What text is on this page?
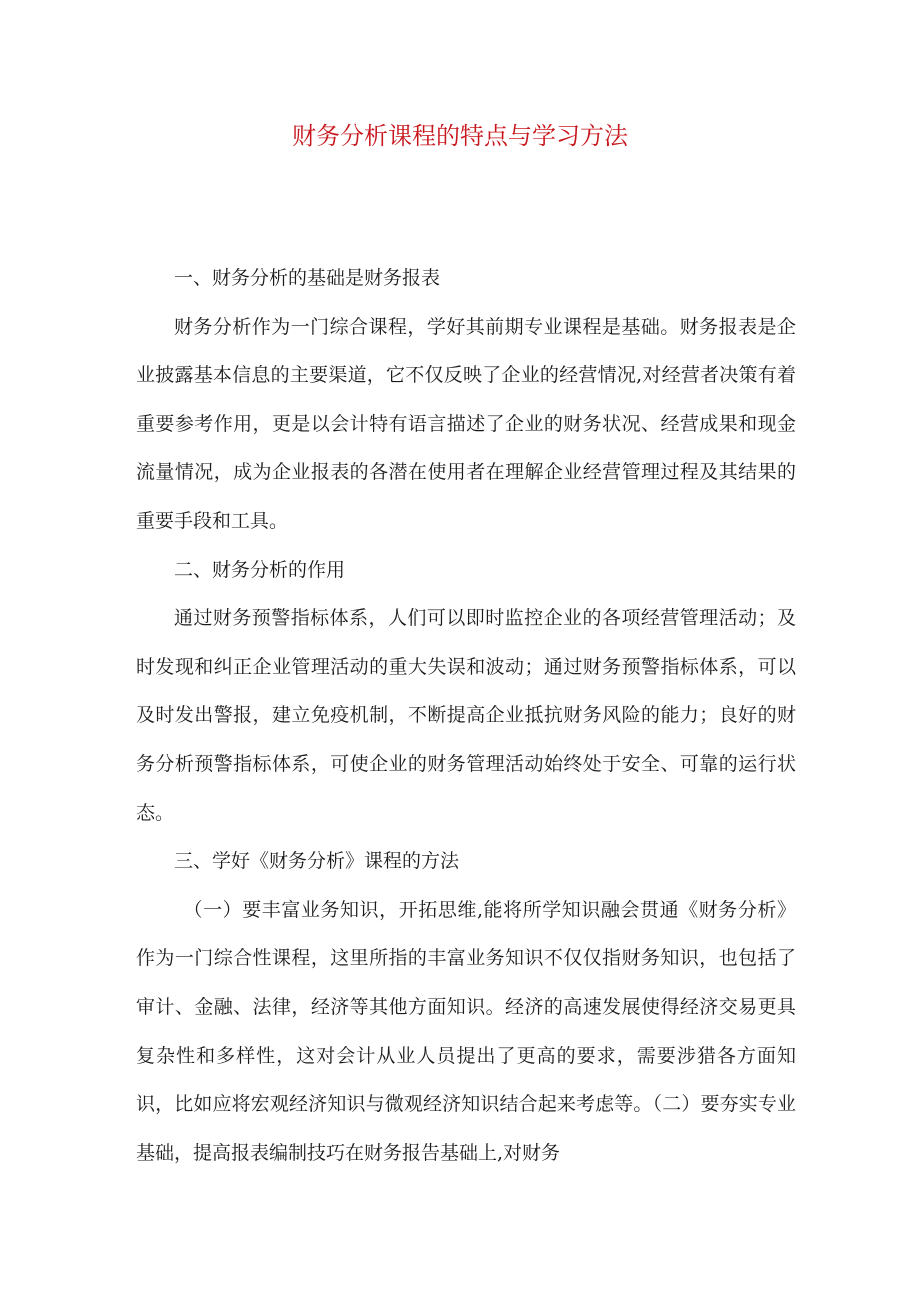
财务分析课程的特点与学习方法

一、财务分析的基础是财务报表

财务分析作为一门综合课程，学好其前期专业课程是基础。财务报表是企业披露基本信息的主要渠道，它不仅反映了企业的经营情况,对经营者决策有着重要参考作用，更是以会计特有语言描述了企业的财务状况、经营成果和现金流量情况，成为企业报表的各潜在使用者在理解企业经营管理过程及其结果的重要手段和工具。

二、财务分析的作用

通过财务预警指标体系，人们可以即时监控企业的各项经营管理活动；及时发现和纠正企业管理活动的重大失误和波动；通过财务预警指标体系，可以及时发出警报，建立免疫机制，不断提高企业抵抗财务风险的能力；良好的财务分析预警指标体系，可使企业的财务管理活动始终处于安全、可靠的运行状态。

三、学好《财务分析》课程的方法

（一）要丰富业务知识，开拓思维,能将所学知识融会贯通《财务分析》作为一门综合性课程，这里所指的丰富业务知识不仅仅指财务知识，也包括了审计、金融、法律，经济等其他方面知识。经济的高速发展使得经济交易更具复杂性和多样性，这对会计从业人员提出了更高的要求，需要涉猎各方面知识，比如应将宏观经济知识与微观经济知识结合起来考虑等。（二）要夯实专业基础，提高报表编制技巧在财务报告基础上,对财务
